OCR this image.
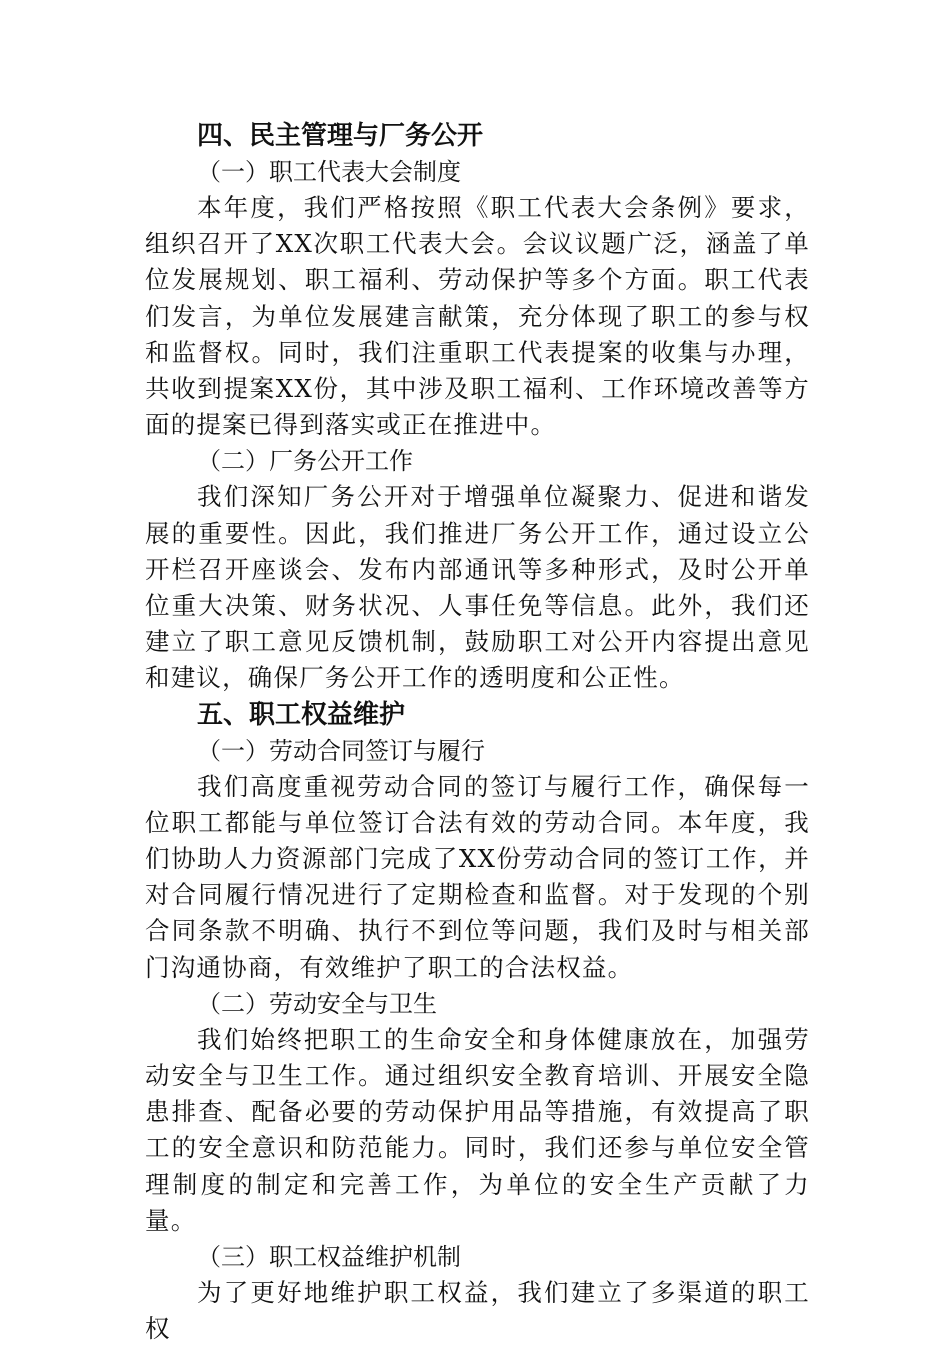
四、民主管理与厂务公开
（一）职工代表大会制度

本年度，我们严格按照《职工代表大会条例》要求，组织召开了XX次职工代表大会。会议议题广泛，涵盖了单位发展规划、职工福利、劳动保护等多个方面。职工代表们发言，为单位发展建言献策，充分体现了职工的参与权和监督权。同时，我们注重职工代表提案的收集与办理，共收到提案XX份，其中涉及职工福利、工作环境改善等方面的提案已得到落实或正在推进中。

（二）厂务公开工作

我们深知厂务公开对于增强单位凝聚力、促进和谐发展的重要性。因此，我们推进厂务公开工作，通过设立公开栏召开座谈会、发布内部通讯等多种形式，及时公开单位重大决策、财务状况、人事任免等信息。此外，我们还建立了职工意见反馈机制，鼓励职工对公开内容提出意见和建议，确保厂务公开工作的透明度和公正性。

五、职工权益维护
（一）劳动合同签订与履行

我们高度重视劳动合同的签订与履行工作，确保每一位职工都能与单位签订合法有效的劳动合同。本年度，我们协助人力资源部门完成了XX份劳动合同的签订工作，并对合同履行情况进行了定期检查和监督。对于发现的个别合同条款不明确、执行不到位等问题，我们及时与相关部门沟通协商，有效维护了职工的合法权益。

（二）劳动安全与卫生

我们始终把职工的生命安全和身体健康放在，加强劳动安全与卫生工作。通过组织安全教育培训、开展安全隐患排查、配备必要的劳动保护用品等措施，有效提高了职工的安全意识和防范能力。同时，我们还参与单位安全管理制度的制定和完善工作，为单位的安全生产贡献了力量。

（三）职工权益维护机制

为了更好地维护职工权益，我们建立了多渠道的职工权
